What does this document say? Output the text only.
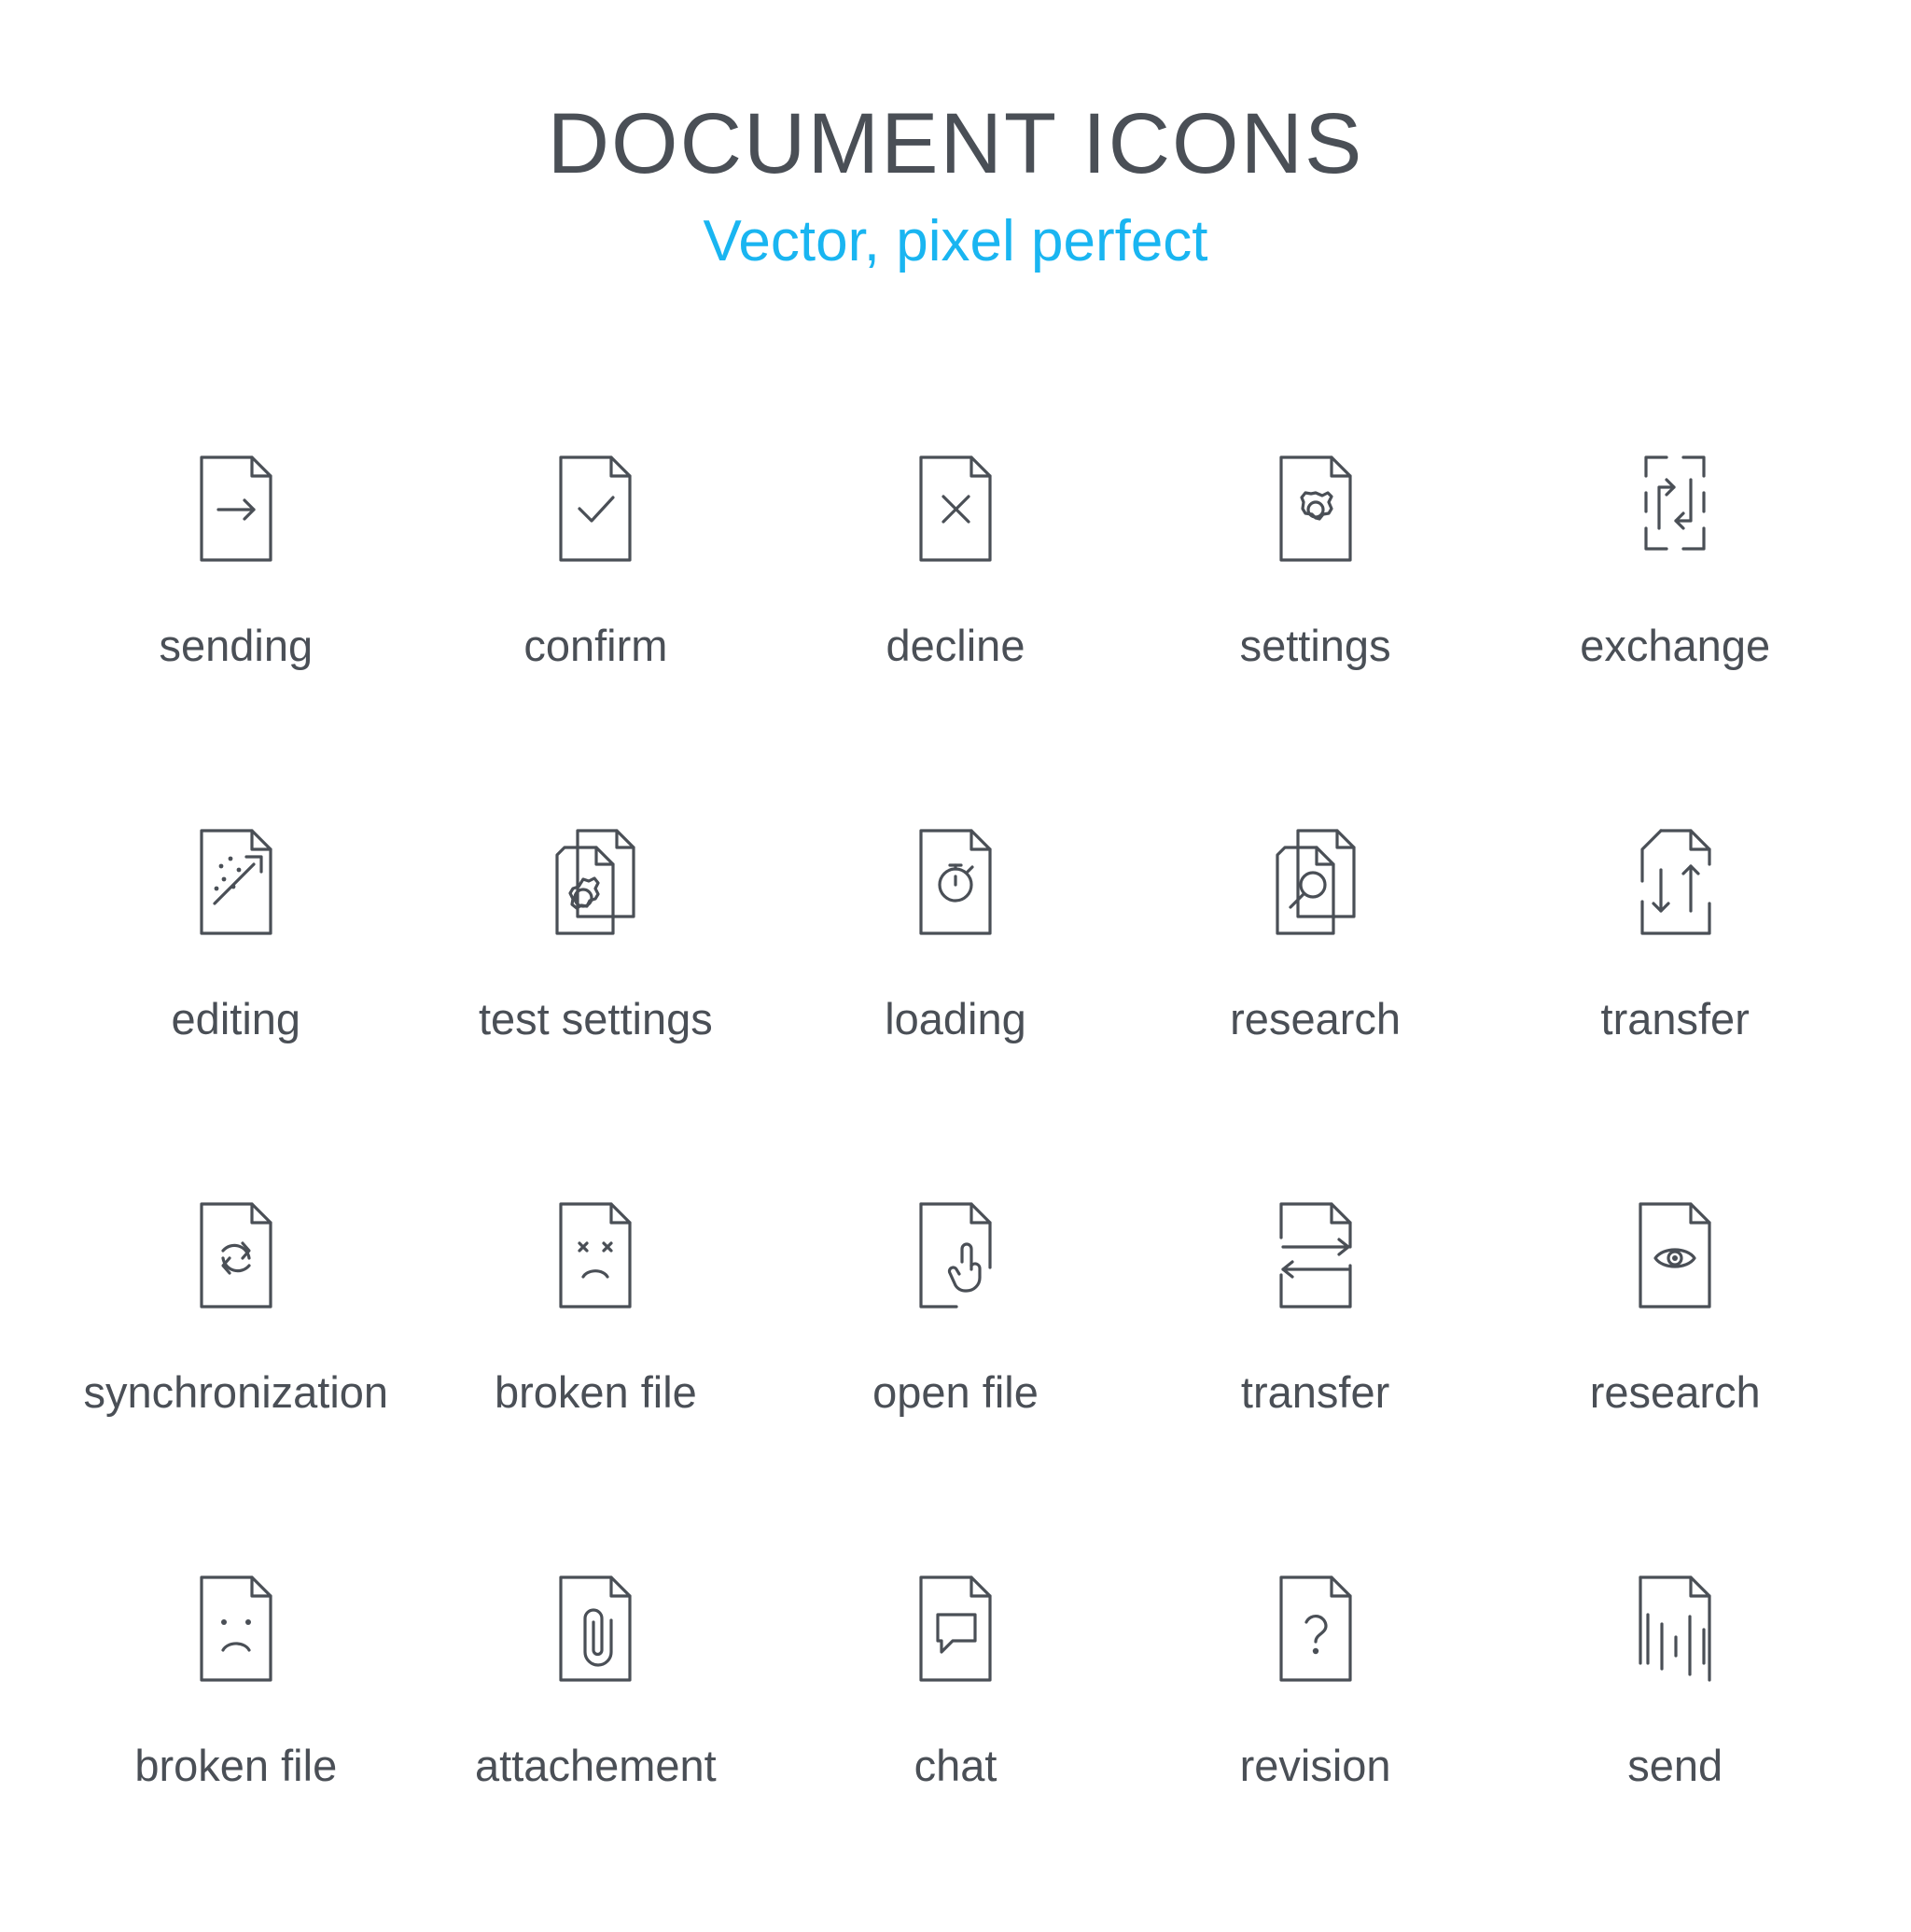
DOCUMENT ICONS

Vector, pixel perfect

sending	confirm	decline	settings	exchange
editing	test settings	loading	research	transfer
synchronization broken file	open file	transfer	research
broken file	attachement	chat	revision	send
